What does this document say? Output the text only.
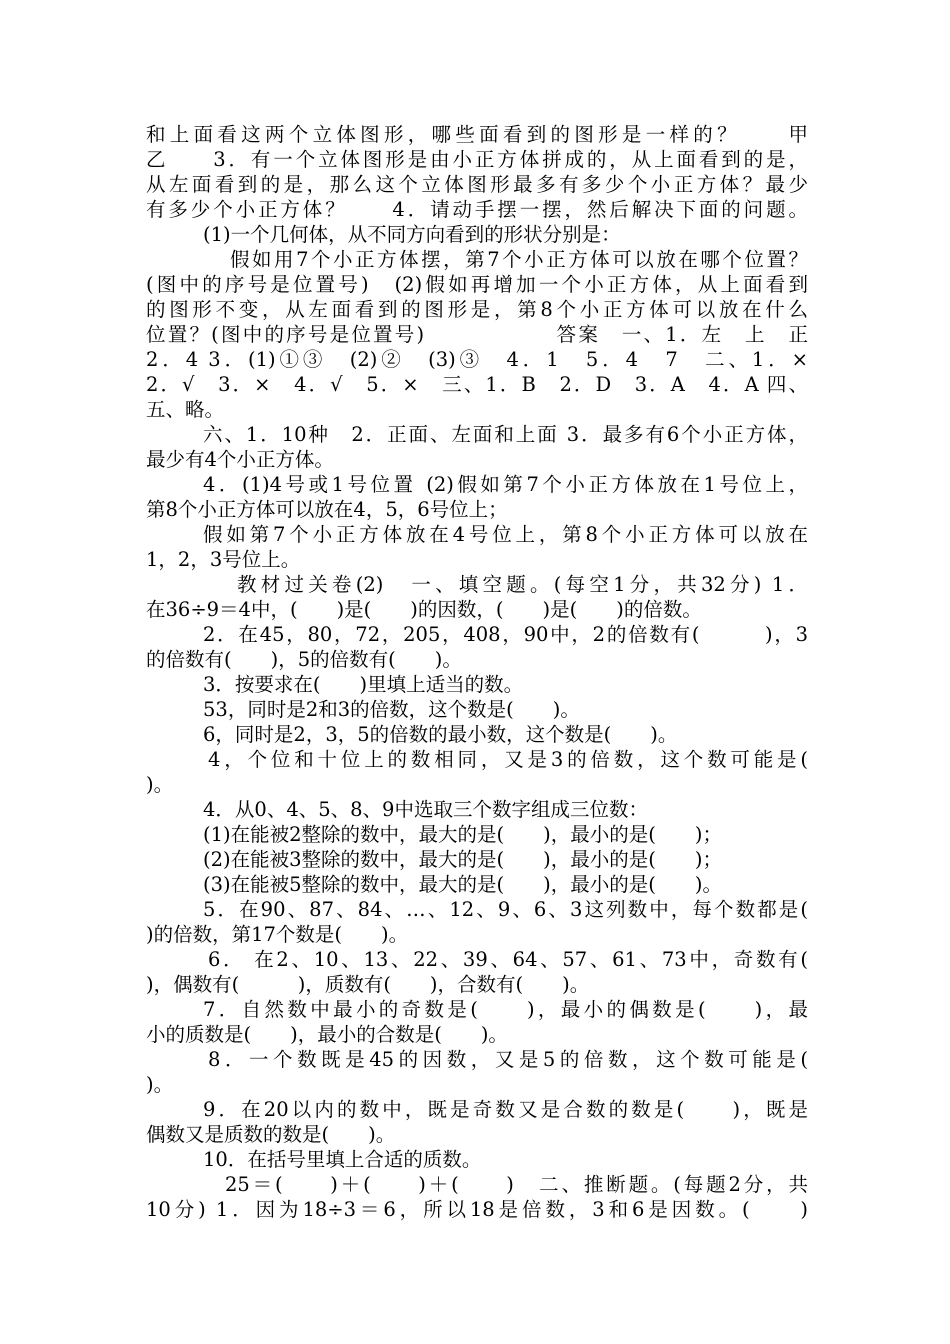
和上面看这两个立体图形，哪些面看到的图形是一样的？　　甲
乙　　3．有一个立体图形是由小正方体拼成的，从上面看到的是，
从左面看到的是，那么这个立体图形最多有多少个小正方体？最少
有多少个小正方体？　　4．请动手摆一摆，然后解决下面的问题。
(1)一个几何体，从不同方向看到的形状分别是：
假如用7个小正方体摆，第7个小正方体可以放在哪个位置？
(图中的序号是位置号)　(2)假如再增加一个小正方体，从上面看到
的图形不变，从左面看到的图形是，第8个小正方体可以放在什么
位置？(图中的序号是位置号)　　　　　　答案　一、1．左　上　正
2．4 3．(1)①③　(2)②　(3)③　4．1　5．4　7　二、1．×
2．√　3．×　4．√　5．×　三、1．B　2．D　3．A　4．A 四、
五、略。
六、1．10种　2．正面、左面和上面 3．最多有6个小正方体，
最少有4个小正方体。
4．(1)4号或1号位置 (2)假如第7个小正方体放在1号位上，
第8个小正方体可以放在4，5，6号位上；
假如第7个小正方体放在4号位上，第8个小正方体可以放在
1，2，3号位上。
教材过关卷(2)　一、填空题。(每空1分，共32分) 1．
在36÷9＝4中，(　　)是(　　)的因数，(　　)是(　　)的倍数。
2．在45，80，72，205，408，90中，2的倍数有(　　　)，3
的倍数有(　　)，5的倍数有(　　)。
3．按要求在(　　)里填上适当的数。
53，同时是2和3的倍数，这个数是(　　)。
6，同时是2，3，5的倍数的最小数，这个数是(　　)。
4，个位和十位上的数相同，又是3的倍数，这个数可能是(
)。
4．从0、4、5、8、9中选取三个数字组成三位数：
(1)在能被2整除的数中，最大的是(　　)，最小的是(　　)；
(2)在能被3整除的数中，最大的是(　　)，最小的是(　　)；
(3)在能被5整除的数中，最大的是(　　)，最小的是(　　)。
5．在90、87、84、…、12、9、6、3这列数中，每个数都是(
)的倍数，第17个数是(　　)。
6． 在2、10、13、22、39、64、57、61、73中，奇数有(
)，偶数有(　　　)，质数有(　　)，合数有(　　)。
7．自然数中最小的奇数是(　　)，最小的偶数是(　　)，最
小的质数是(　　)，最小的合数是(　　)。
8．一个数既是45的因数，又是5的倍数，这个数可能是(
)。
9．在20以内的数中，既是奇数又是合数的数是(　　)，既是
偶数又是质数的数是(　　)。
10．在括号里填上合适的质数。
25＝(　　)＋(　　)＋(　　)　二、推断题。(每题2分，共
10分) 1．因为18÷3＝6，所以18是倍数，3和6是因数。(　　)
